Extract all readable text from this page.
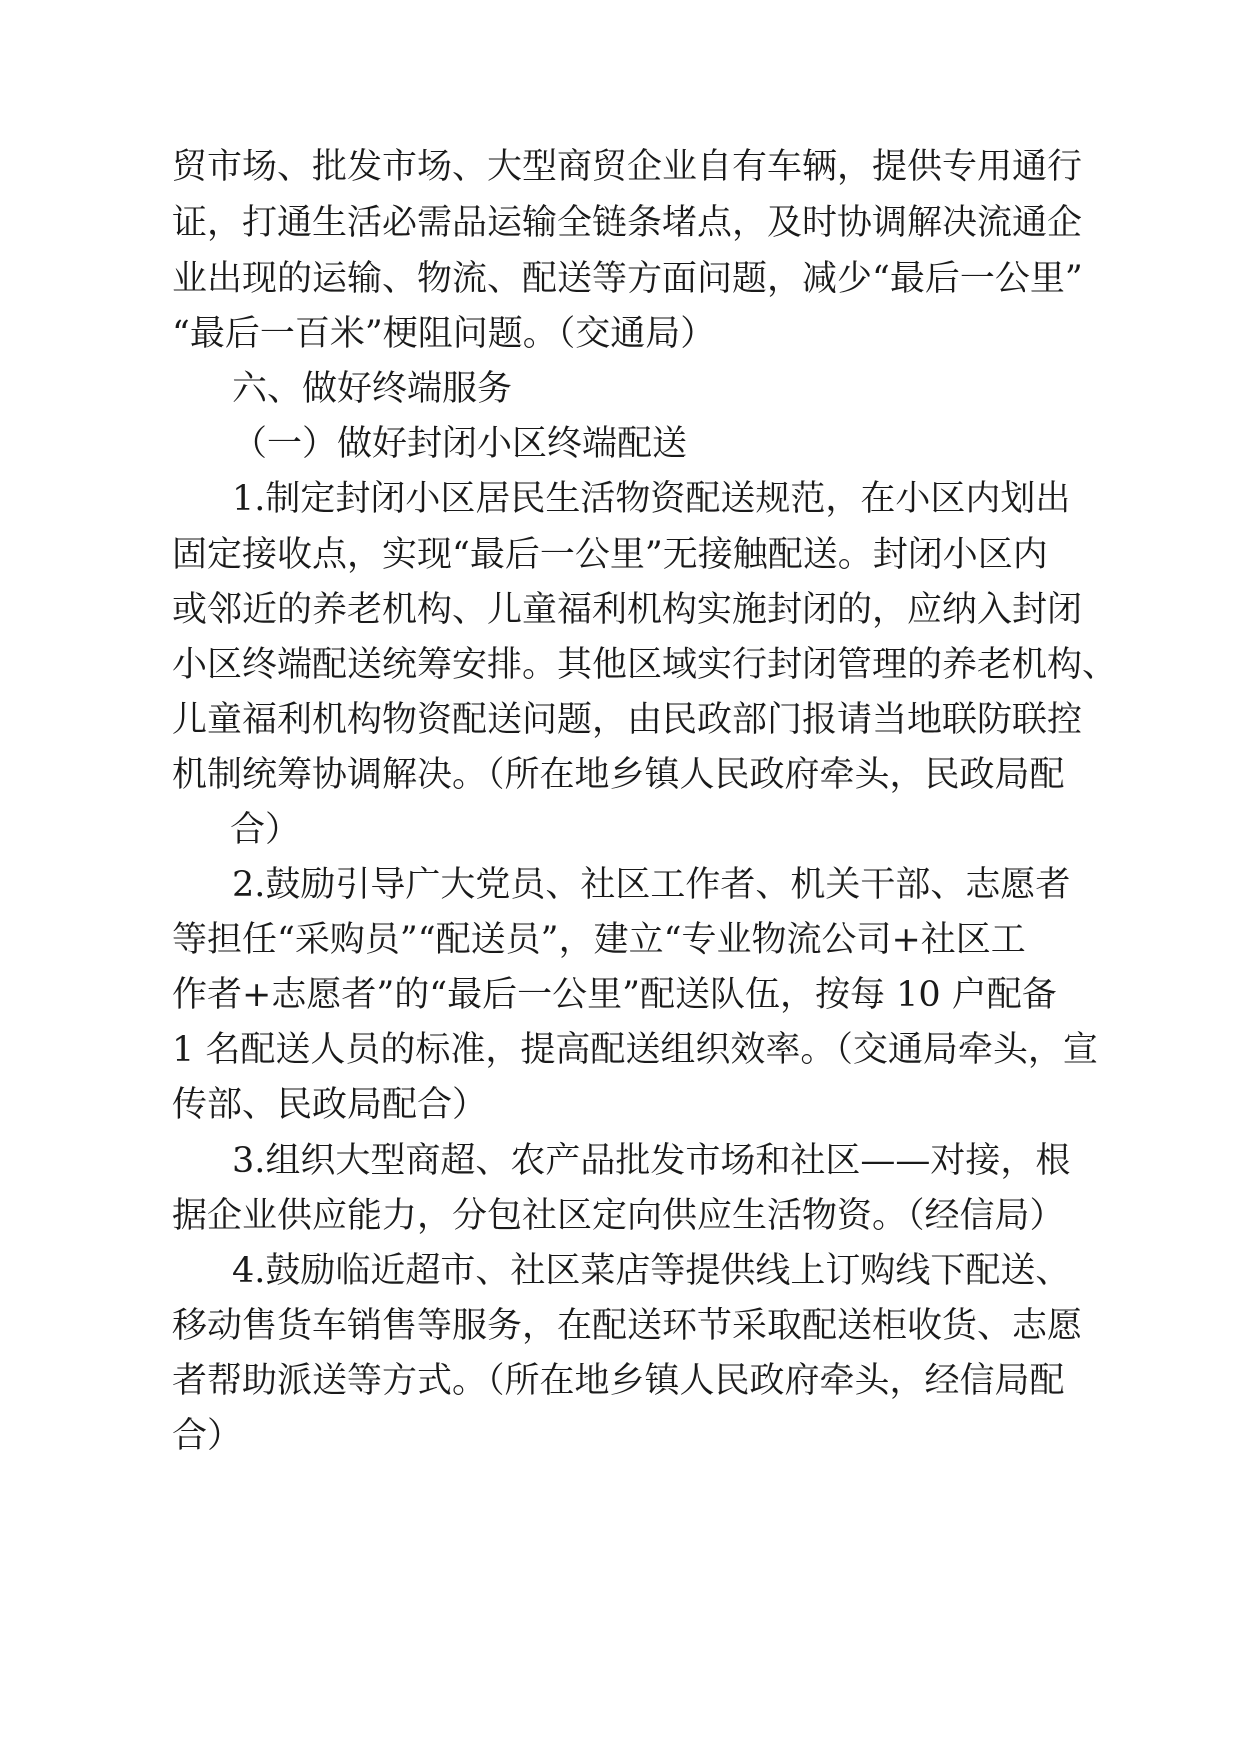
贸市场、批发市场、大型商贸企业自有车辆，提供专用通行
证，打通生活必需品运输全链条堵点，及时协调解决流通企
业出现的运输、物流、配送等方面问题，减少“最后一公里”
“最后一百米”梗阻问题。（交通局）
六、做好终端服务
（一）做好封闭小区终端配送
1.制定封闭小区居民生活物资配送规范，在小区内划出
固定接收点，实现“最后一公里”无接触配送。封闭小区内
或邻近的养老机构、儿童福利机构实施封闭的，应纳入封闭
小区终端配送统筹安排。其他区域实行封闭管理的养老机构、
儿童福利机构物资配送问题，由民政部门报请当地联防联控
机制统筹协调解决。（所在地乡镇人民政府牵头，民政局配
合）
2.鼓励引导广大党员、社区工作者、机关干部、志愿者
等担任“采购员”“配送员”，建立“专业物流公司+社区工
作者+志愿者”的“最后一公里”配送队伍，按每 10 户配备
1 名配送人员的标准，提高配送组织效率。（交通局牵头，宣
传部、民政局配合）
3.组织大型商超、农产品批发市场和社区——对接，根
据企业供应能力，分包社区定向供应生活物资。（经信局）
4.鼓励临近超市、社区菜店等提供线上订购线下配送、
移动售货车销售等服务，在配送环节采取配送柜收货、志愿
者帮助派送等方式。（所在地乡镇人民政府牵头，经信局配
合）
